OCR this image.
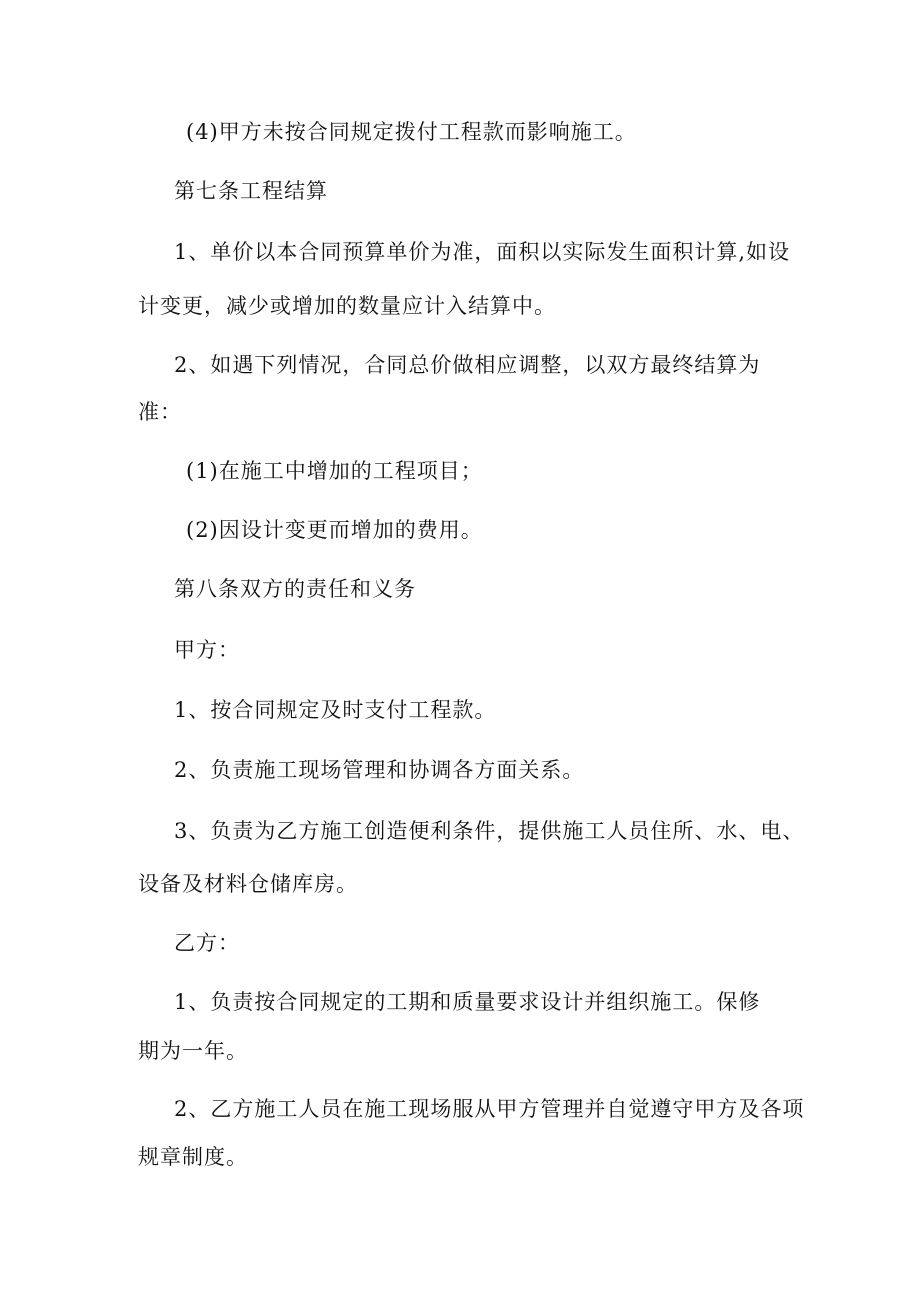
(4)甲方未按合同规定拨付工程款而影响施工。
第七条工程结算
1、单价以本合同预算单价为准，面积以实际发生面积计算,如设
计变更，减少或增加的数量应计入结算中。
2、如遇下列情况，合同总价做相应调整，以双方最终结算为
准：
(1)在施工中增加的工程项目；
(2)因设计变更而增加的费用。
第八条双方的责任和义务
甲方：
1、按合同规定及时支付工程款。
2、负责施工现场管理和协调各方面关系。
3、负责为乙方施工创造便利条件，提供施工人员住所、水、电、
设备及材料仓储库房。
乙方：
1、负责按合同规定的工期和质量要求设计并组织施工。保修
期为一年。
2、乙方施工人员在施工现场服从甲方管理并自觉遵守甲方及各项
规章制度。
